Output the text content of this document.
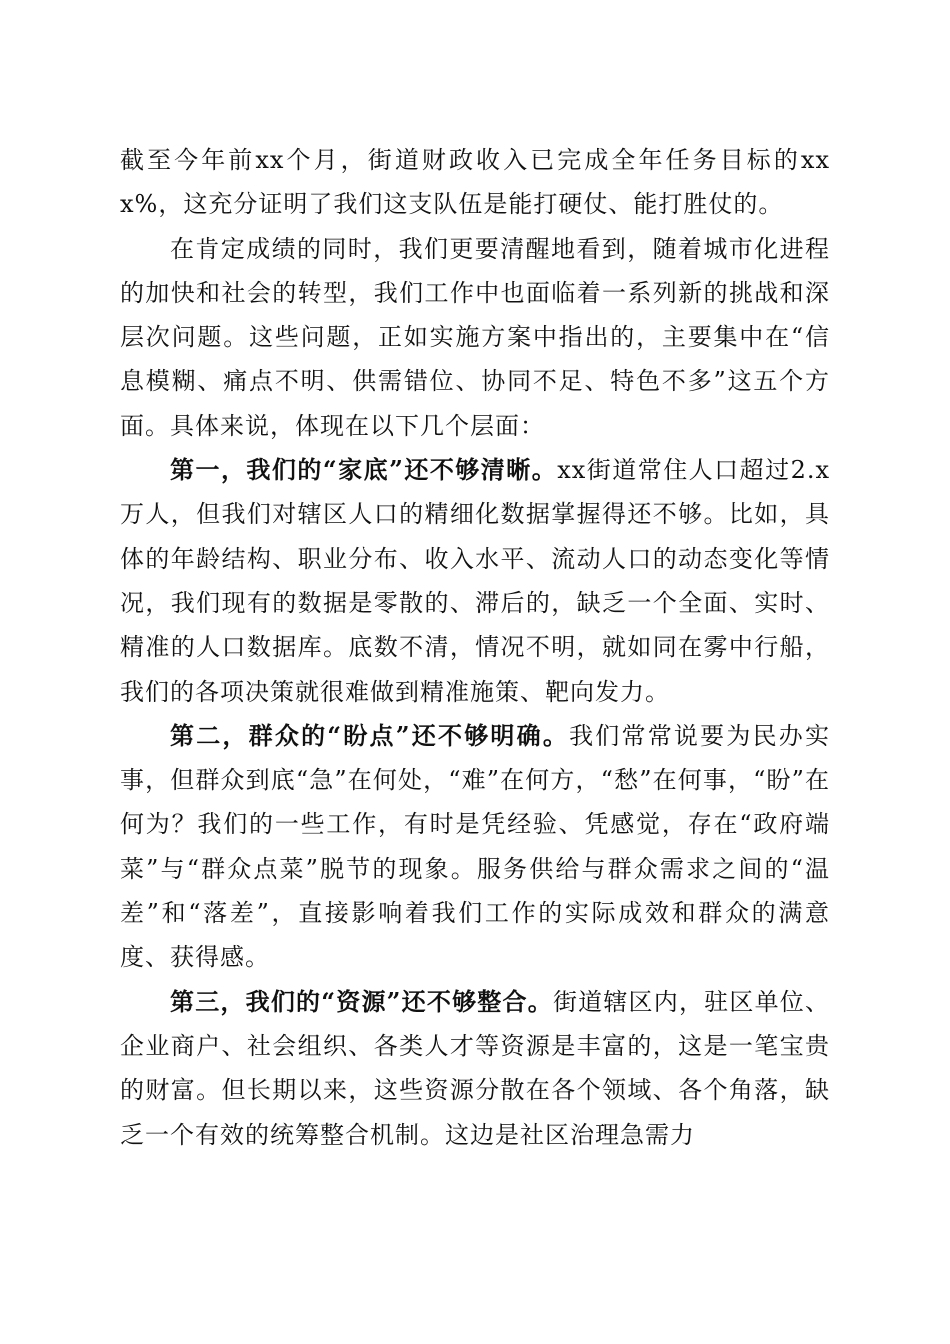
截至今年前xx个月，街道财政收入已完成全年任务目标的xxx%，这充分证明了我们这支队伍是能打硬仗、能打胜仗的。

在肯定成绩的同时，我们更要清醒地看到，随着城市化进程的加快和社会的转型，我们工作中也面临着一系列新的挑战和深层次问题。这些问题，正如实施方案中指出的，主要集中在“信息模糊、痛点不明、供需错位、协同不足、特色不多”这五个方面。具体来说，体现在以下几个层面：

第一，我们的“家底”还不够清晰。xx街道常住人口超过2.x万人，但我们对辖区人口的精细化数据掌握得还不够。比如，具体的年龄结构、职业分布、收入水平、流动人口的动态变化等情况，我们现有的数据是零散的、滞后的，缺乏一个全面、实时、精准的人口数据库。底数不清，情况不明，就如同在雾中行船，我们的各项决策就很难做到精准施策、靶向发力。

第二，群众的“盼点”还不够明确。我们常常说要为民办实事，但群众到底“急”在何处，“难”在何方，“愁”在何事，“盼”在何为？我们的一些工作，有时是凭经验、凭感觉，存在“政府端菜”与“群众点菜”脱节的现象。服务供给与群众需求之间的“温差”和“落差”，直接影响着我们工作的实际成效和群众的满意度、获得感。

第三，我们的“资源”还不够整合。街道辖区内，驻区单位、企业商户、社会组织、各类人才等资源是丰富的，这是一笔宝贵的财富。但长期以来，这些资源分散在各个领域、各个角落，缺乏一个有效的统筹整合机制。这边是社区治理急需力
